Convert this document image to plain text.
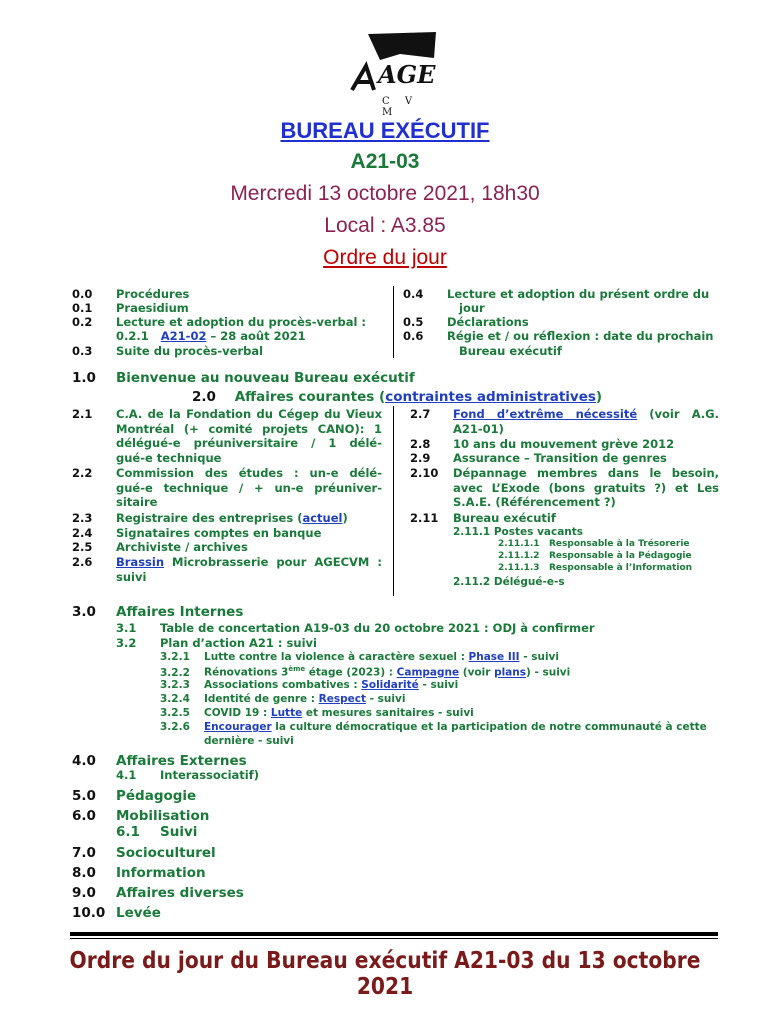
AGE
C V M
BUREAU EXÉCUTIF
A21-03
Mercredi 13 octobre 2021, 18h30
Local : A3.85
Ordre du jour
0.0 Procédures
0.1 Praesidium
0.2 Lecture et adoption du procès-verbal :
0.2.1 A21-02 – 28 août 2021
0.3 Suite du procès-verbal
0.4 Lecture et adoption du présent ordre du
jour
0.5 Déclarations
0.6 Régie et / ou réflexion : date du prochain
Bureau exécutif
1.0 Bienvenue au nouveau Bureau exécutif
2.0 Affaires courantes (contraintes administratives)
2.1 C.A. de la Fondation du Cégep du Vieux
Montréal (+ comité projets CANO): 1
délégué-e préuniversitaire / 1 délé-
gué-e technique
2.2 Commission des études : un-e délé-
gué-e technique / + un-e préuniver-
sitaire
2.3 Registraire des entreprises (actuel)
2.4 Signataires comptes en banque
2.5 Archiviste / archives
2.6 Brassin Microbrasserie pour AGECVM :
suivi
2.7 Fond d’extrême nécessité (voir A.G.
A21-01)
2.8 10 ans du mouvement grève 2012
2.9 Assurance – Transition de genres
2.10 Dépannage membres dans le besoin,
avec L’Exode (bons gratuits ?) et Les
S.A.E. (Référencement ?)
2.11 Bureau exécutif
2.11.1 Postes vacants
2.11.1.1 Responsable à la Trésorerie
2.11.1.2 Responsable à la Pédagogie
2.11.1.3 Responsable à l’Information
2.11.2 Délégué-e-s
3.0 Affaires Internes
3.1 Table de concertation A19-03 du 20 octobre 2021 : ODJ à confirmer
3.2 Plan d’action A21 : suivi
3.2.1 Lutte contre la violence à caractère sexuel : Phase III - suivi
3.2.2 Rénovations 3ème étage (2023) : Campagne (voir plans) - suivi
3.2.3 Associations combatives : Solidarité - suivi
3.2.4 Identité de genre : Respect - suivi
3.2.5 COVID 19 : Lutte et mesures sanitaires - suivi
3.2.6 Encourager la culture démocratique et la participation de notre communauté à cette
dernière - suivi
4.0 Affaires Externes
4.1 Interassociatif)
5.0 Pédagogie
6.0 Mobilisation
6.1 Suivi
7.0 Socioculturel
8.0 Information
9.0 Affaires diverses
10.0 Levée
Ordre du jour du Bureau exécutif A21-03 du 13 octobre 2021
